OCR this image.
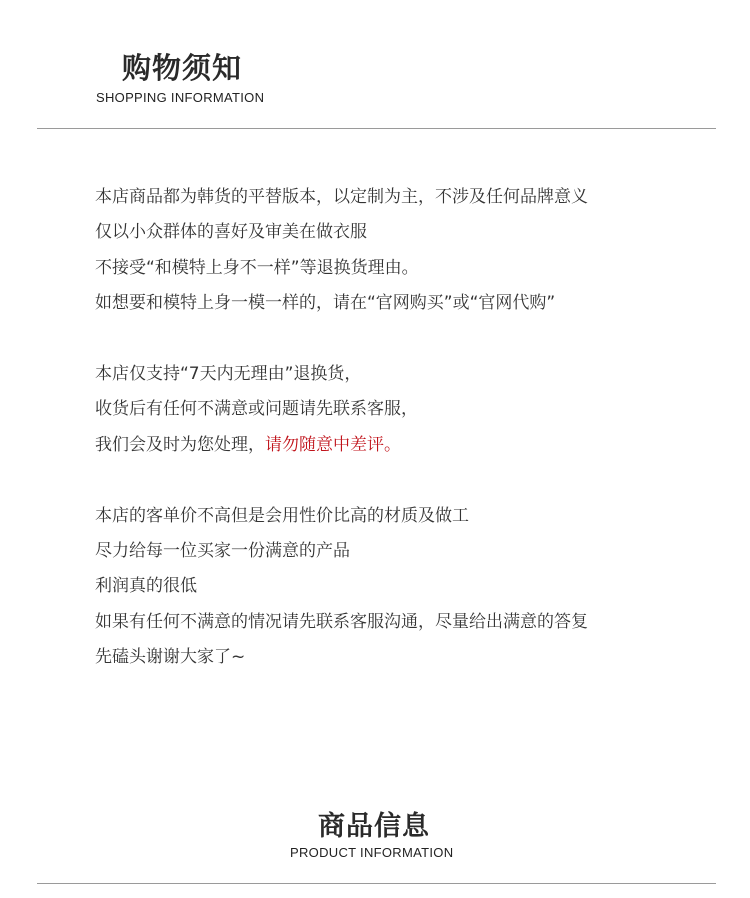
购物须知
SHOPPING INFORMATION
本店商品都为韩货的平替版本，以定制为主，不涉及任何品牌意义
仅以小众群体的喜好及审美在做衣服
不接受“和模特上身不一样”等退换货理由。
如想要和模特上身一模一样的，请在“官网购买”或“官网代购”
本店仅支持“7天内无理由”退换货，
收货后有任何不满意或问题请先联系客服，
我们会及时为您处理，请勿随意中差评。
本店的客单价不高但是会用性价比高的材质及做工
尽力给每一位买家一份满意的产品
利润真的很低
如果有任何不满意的情况请先联系客服沟通，尽量给出满意的答复
先磕头谢谢大家了~
商品信息
PRODUCT INFORMATION
